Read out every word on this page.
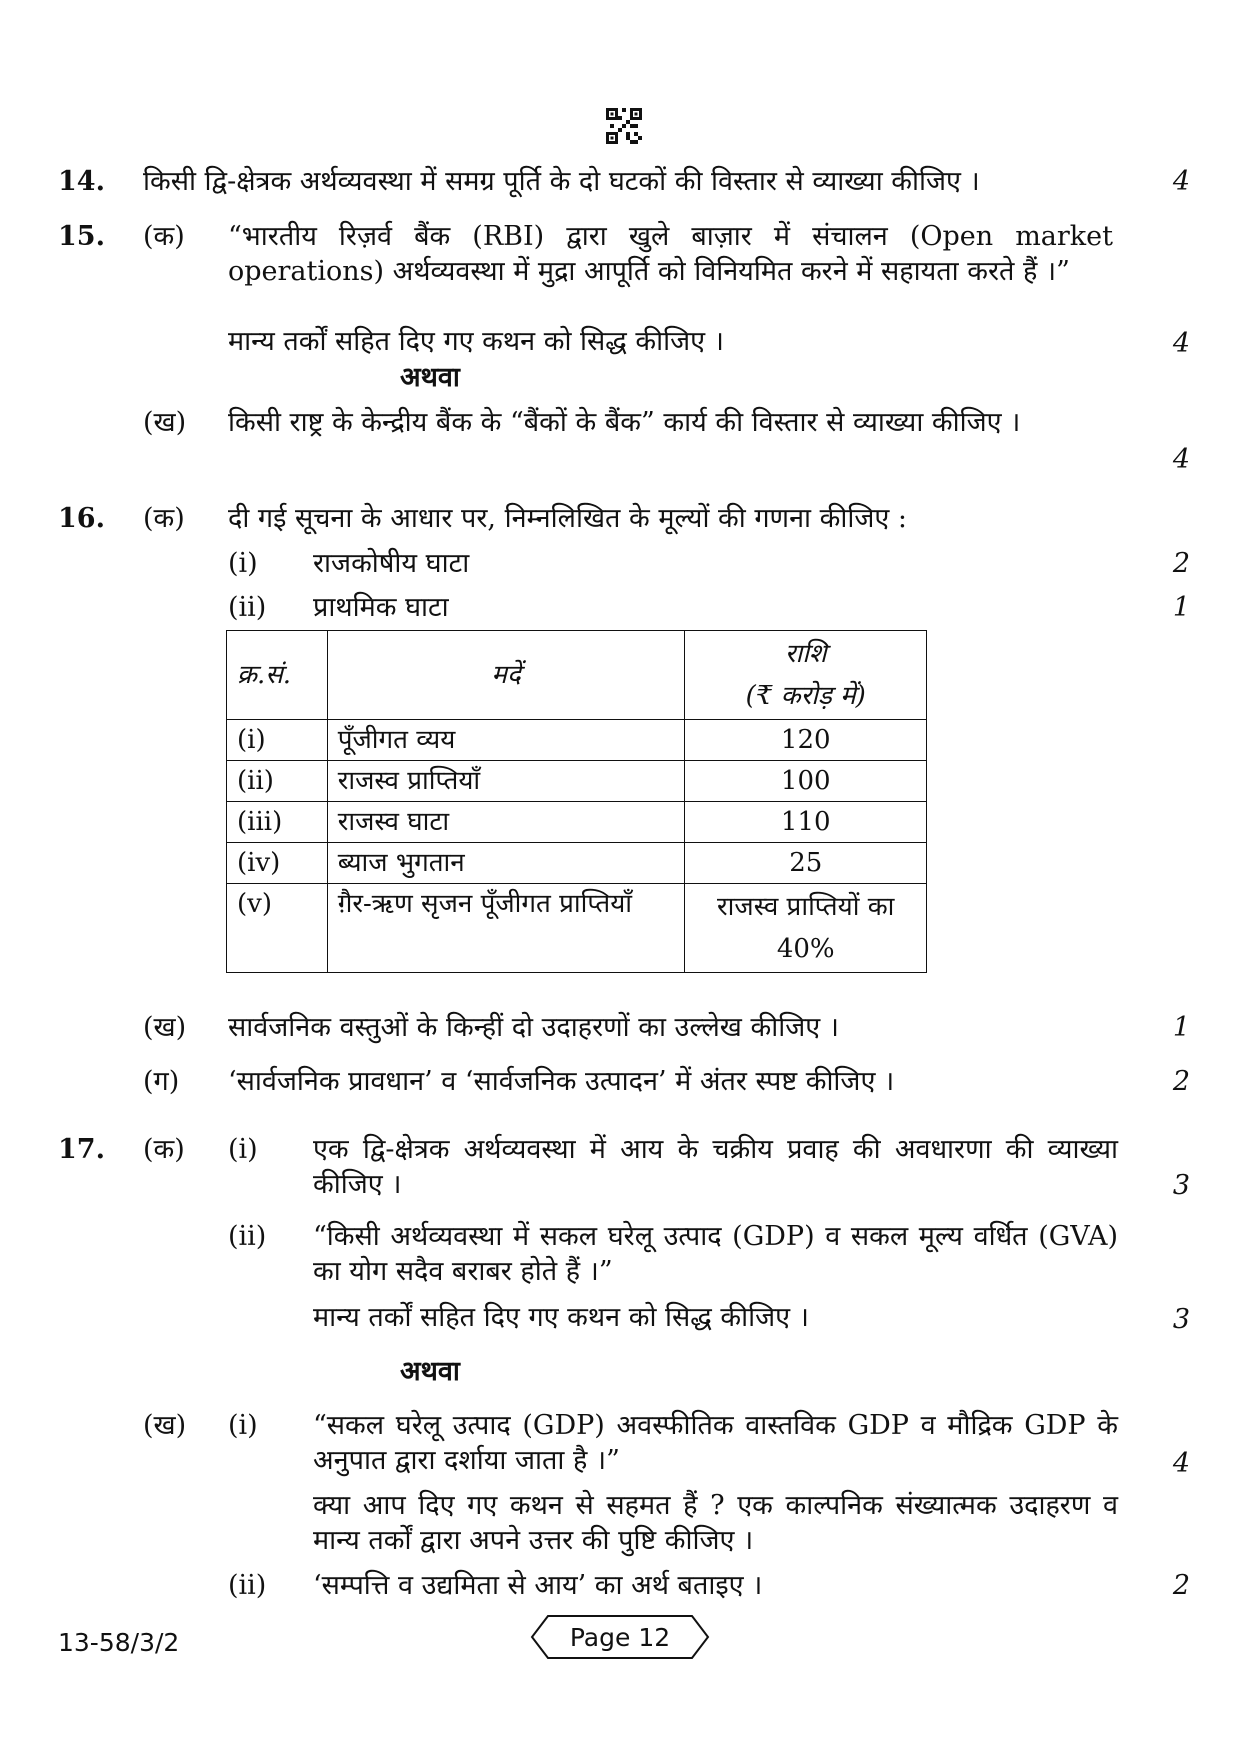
14. किसी द्वि-क्षेत्रक अर्थव्यवस्था में समग्र पूर्ति के दो घटकों की विस्तार से व्याख्या कीजिए ।	4
15. (क) “भारतीय रिज़र्व बैंक (RBI) द्वारा खुले बाज़ार में संचालन (Open market operations) अर्थव्यवस्था में मुद्रा आपूर्ति को विनियमित करने में सहायता करते हैं ।”
मान्य तर्कों सहित दिए गए कथन को सिद्ध कीजिए ।	4
अथवा
(ख) किसी राष्ट्र के केन्द्रीय बैंक के “बैंकों के बैंक” कार्य की विस्तार से व्याख्या कीजिए ।
4
16. (क) दी गई सूचना के आधार पर, निम्नलिखित के मूल्यों की गणना कीजिए :
(i) राजकोषीय घाटा	2
(ii) प्राथमिक घाटा	1
क्र.सं.	मदें	राशि
(₹ करोड़ में)

(i)	पूँजीगत व्यय	120
(ii)	राजस्व प्राप्तियाँ	100
(iii)	राजस्व घाटा	110
(iv)	ब्याज भुगतान	25
(v)	ग़ैर-ऋण सृजन पूँजीगत प्राप्तियाँ	राजस्व प्राप्तियों का 40%
(ख) सार्वजनिक वस्तुओं के किन्हीं दो उदाहरणों का उल्लेख कीजिए ।	1
(ग) ‘सार्वजनिक प्रावधान’ व ‘सार्वजनिक उत्पादन’ में अंतर स्पष्ट कीजिए ।	2
17. (क) (i) एक द्वि-क्षेत्रक अर्थव्यवस्था में आय के चक्रीय प्रवाह की अवधारणा की व्याख्या कीजिए ।	3
(ii) “किसी अर्थव्यवस्था में सकल घरेलू उत्पाद (GDP) व सकल मूल्य वर्धित (GVA) का योग सदैव बराबर होते हैं ।”
मान्य तर्कों सहित दिए गए कथन को सिद्ध कीजिए ।	3
अथवा
(ख) (i) “सकल घरेलू उत्पाद (GDP) अवस्फीतिक वास्तविक GDP व मौद्रिक GDP के अनुपात द्वारा दर्शाया जाता है ।”	4
क्या आप दिए गए कथन से सहमत हैं ? एक काल्पनिक संख्यात्मक उदाहरण व मान्य तर्कों द्वारा अपने उत्तर की पुष्टि कीजिए ।
(ii) ‘सम्पत्ति व उद्यमिता से आय’ का अर्थ बताइए ।	2
13-58/3/2	Page 12
